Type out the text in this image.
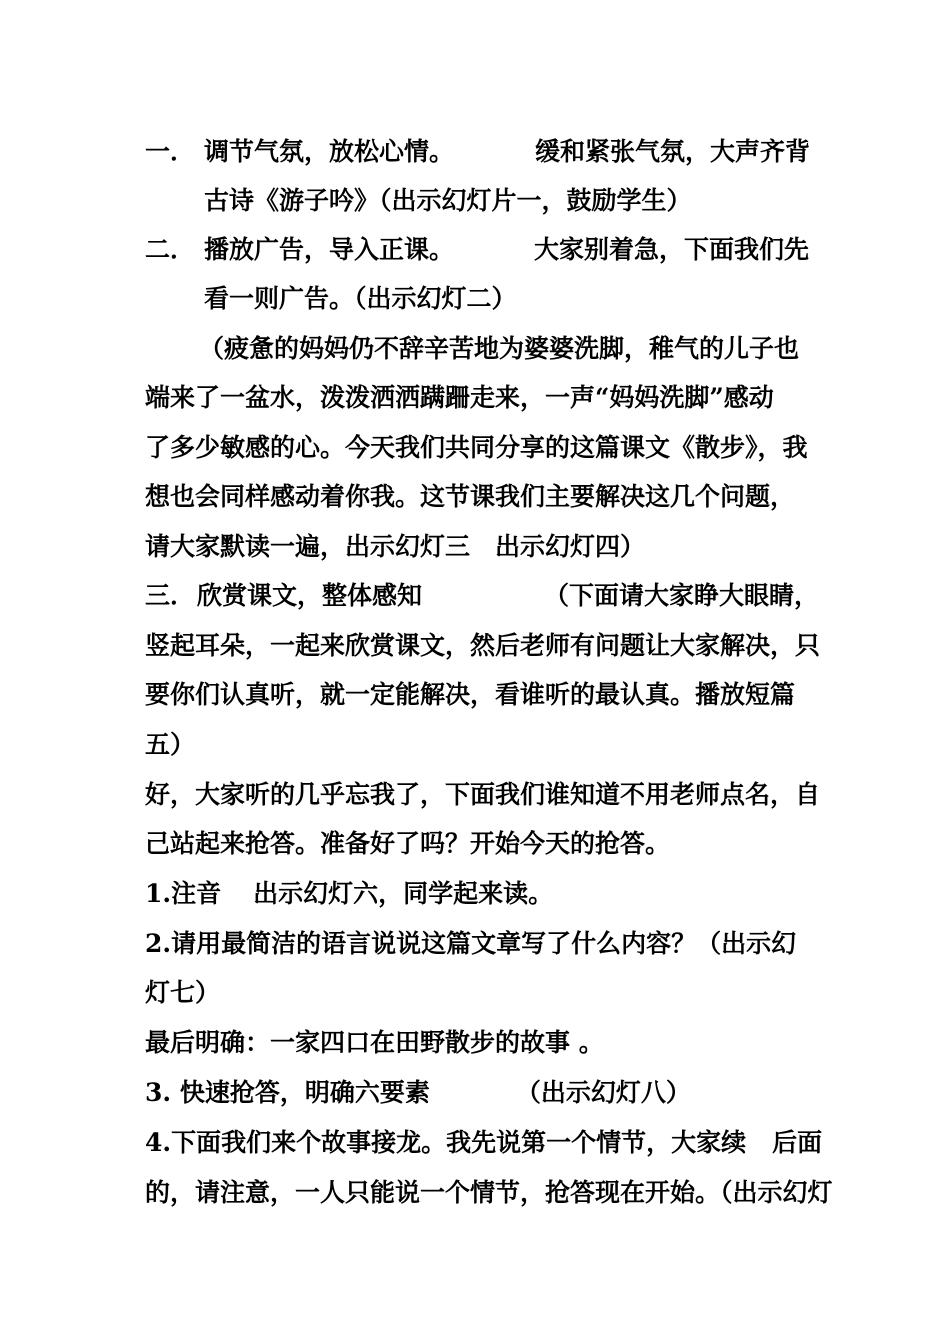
一． 调节气氛，放松心情。	缓和紧张气氛，大声齐背
古诗《游子吟》（出示幻灯片一，鼓励学生）
二． 播放广告，导入正课。	大家别着急，下面我们先
看一则广告。（出示幻灯二）
（疲惫的妈妈仍不辞辛苦地为婆婆洗脚，稚气的儿子也
端来了一盆水，泼泼洒洒蹒跚走来，一声“妈妈洗脚”感动
了多少敏感的心。今天我们共同分享的这篇课文《散步》，我
想也会同样感动着你我。这节课我们主要解决这几个问题，
请大家默读一遍，出示幻灯三　出示幻灯四）
三．欣赏课文，整体感知	（下面请大家睁大眼睛，
竖起耳朵，一起来欣赏课文，然后老师有问题让大家解决，只
要你们认真听，就一定能解决，看谁听的最认真。播放短篇
五）
好，大家听的几乎忘我了，下面我们谁知道不用老师点名，自
己站起来抢答。准备好了吗？开始今天的抢答。
1.注音 出示幻灯六，同学起来读。
2.请用最简洁的语言说说这篇文章写了什么内容？（出示幻
灯七）
最后明确：一家四口在田野散步的故事 。
3. 快速抢答，明确六要素	（出示幻灯八）
4.下面我们来个故事接龙。我先说第一个情节，大家续 后面
的，请注意，一人只能说一个情节，抢答现在开始。（出示幻灯
